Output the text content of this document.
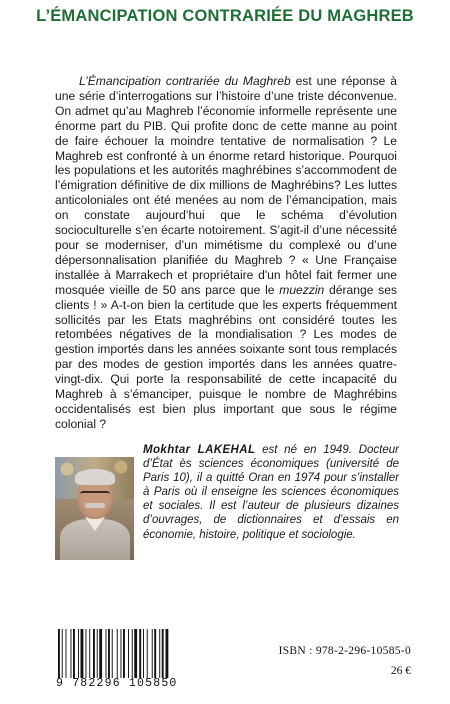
L’ÉMANCIPATION CONTRARIÉE DU MAGHREB

L’Émancipation contrariée du Maghreb est une réponse à une série d’interrogations sur l’histoire d’une triste déconvenue. On admet qu’au Maghreb l’économie informelle représente une énorme part du PIB. Qui profite donc de cette manne au point de faire échouer la moindre tentative de normalisation ? Le Maghreb est confronté à un énorme retard historique. Pourquoi les populations et les autorités maghrébines s’accommodent de l’émigration définitive de dix millions de Maghrébins? Les luttes anticoloniales ont été menées au nom de l’émancipation, mais on constate aujourd’hui que le schéma d’évolution socioculturelle s’en écarte notoirement. S’agit-il d’une nécessité pour se moderniser, d’un mimétisme du complexé ou d’une dépersonnalisation planifiée du Maghreb ? « Une Française installée à Marrakech et propriétaire d'un hôtel fait fermer une mosquée vieille de 50 ans parce que le muezzin dérange ses clients ! » A-t-on bien la certitude que les experts fréquemment sollicités par les Etats maghrébins ont considéré toutes les retombées négatives de la mondialisation ? Les modes de gestion importés dans les années soixante sont tous remplacés par des modes de gestion importés dans les années quatre-vingt-dix. Qui porte la responsabilité de cette incapacité du Maghreb à s’émanciper, puisque le nombre de Maghrébins occidentalisés est bien plus important que sous le régime colonial ?

Mokhtar LAKEHAL est né en 1949. Docteur d’État ès sciences économiques (université de Paris 10), il a quitté Oran en 1974 pour s’installer à Paris où il enseigne les sciences économiques et sociales. Il est l’auteur de plusieurs dizaines d’ouvrages, de dictionnaires et d’essais en économie, histoire, politique et sociologie.
9 782296 105850
ISBN : 978-2-296-10585-0
26 €
